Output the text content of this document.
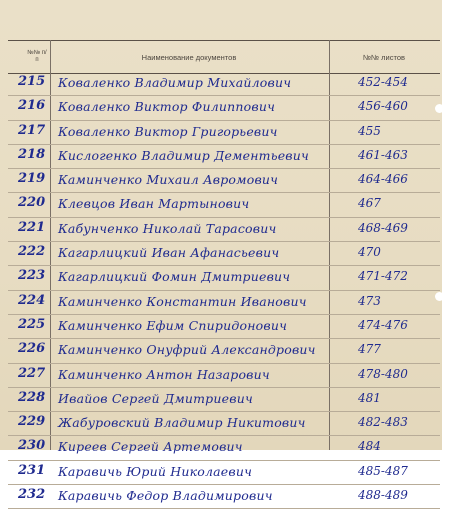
№№ п/п	Наименование документов	№№ листов
215 Коваленко Владимир Михайлович	452-454
216 Коваленко Виктор Филиппович	456-460
217 Коваленко Виктор Григорьевич	455
218 Кислогенко Владимир Дементьевич	461-463
219 Каминченко Михаил Авромович	464-466
220 Клевцов Иван Мартынович	467
221 Кабунченко Николай Тарасович	468-469
222 Кагарлицкий Иван Афанасьевич	470
223 Кагарлицкий Фомин Дмитриевич	471-472
224 Каминченко Константин Иванович	473
225 Каминченко Ефим Спиридонович	474-476
226 Каминченко Онуфрий Александрович	477
227 Каминченко Антон Назарович	478-480
228 Ивайов Сергей Дмитриевич	481
229 Жабуровский Владимир Никитович	482-483
230 Киреев Сергей Артемович	484
231 Каравичь Юрий Николаевич	485-487
232 Каравичь Федор Владимирович	488-489
